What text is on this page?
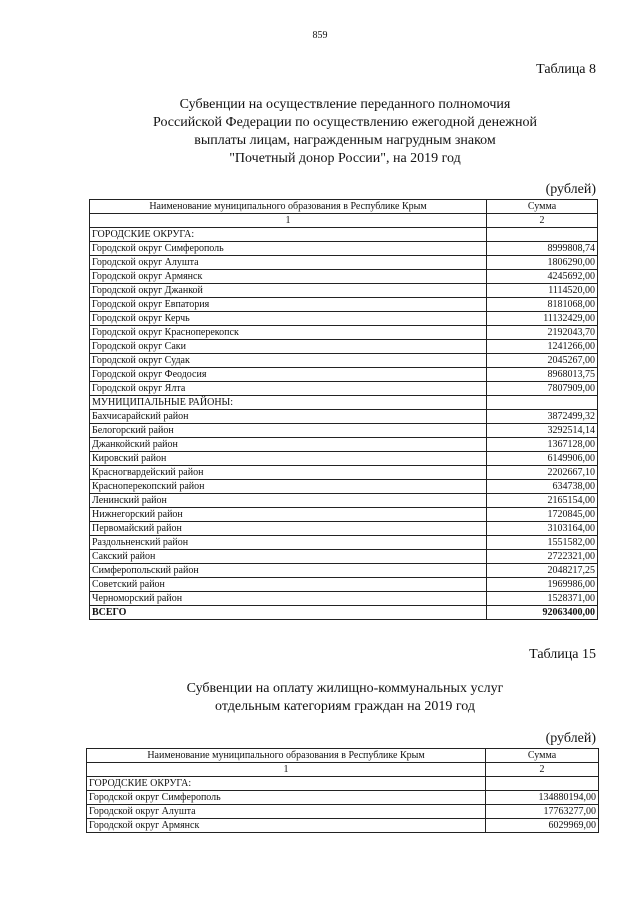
859
Таблица 8
Субвенции на осуществление переданного полномочия
Российской Федерации по осуществлению ежегодной денежной
выплаты лицам, награжденным нагрудным знаком
"Почетный донор России", на 2019 год
(рублей)
Наименование муниципального образования в Республике Крым	Сумма
1	2
ГОРОДСКИЕ ОКРУГА:	
Городской округ Симферополь	8999808,74
Городской округ Алушта	1806290,00
Городской округ Армянск	4245692,00
Городской округ Джанкой	1114520,00
Городской округ Евпатория	8181068,00
Городской округ Керчь	11132429,00
Городской округ Красноперекопск	2192043,70
Городской округ Саки	1241266,00
Городской округ Судак	2045267,00
Городской округ Феодосия	8968013,75
Городской округ Ялта	7807909,00
МУНИЦИПАЛЬНЫЕ РАЙОНЫ:	
Бахчисарайский район	3872499,32
Белогорский район	3292514,14
Джанкойский район	1367128,00
Кировский район	6149906,00
Красногвардейский район	2202667,10
Красноперекопский район	634738,00
Ленинский район	2165154,00
Нижнегорский район	1720845,00
Первомайский район	3103164,00
Раздольненский район	1551582,00
Сакский район	2722321,00
Симферопольский район	2048217,25
Советский район	1969986,00
Черноморский район	1528371,00
ВСЕГО	92063400,00
Таблица 15
Субвенции на оплату жилищно-коммунальных услуг
отдельным категориям граждан на 2019 год
(рублей)
Наименование муниципального образования в Республике Крым	Сумма
1	2
ГОРОДСКИЕ ОКРУГА:	
Городской округ Симферополь	134880194,00
Городской округ Алушта	17763277,00
Городской округ Армянск	6029969,00
